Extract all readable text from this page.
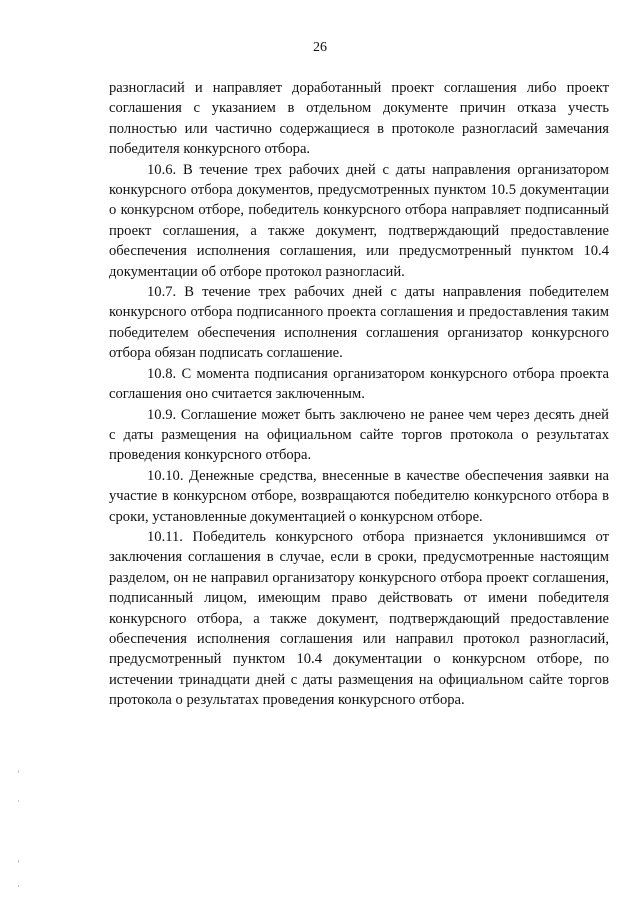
26

разногласий и направляет доработанный проект соглашения либо проект соглашения с указанием в отдельном документе причин отказа учесть полностью или частично содержащиеся в протоколе разногласий замечания победителя конкурсного отбора.

10.6. В течение трех рабочих дней с даты направления организатором конкурсного отбора документов, предусмотренных пунктом 10.5 документации о конкурсном отборе, победитель конкурсного отбора направляет подписанный проект соглашения, а также документ, подтверждающий предоставление обеспечения исполнения соглашения, или предусмотренный пунктом 10.4 документации об отборе протокол разногласий.

10.7. В течение трех рабочих дней с даты направления победителем конкурсного отбора подписанного проекта соглашения и предоставления таким победителем обеспечения исполнения соглашения организатор конкурсного отбора обязан подписать соглашение.

10.8. С момента подписания организатором конкурсного отбора проекта соглашения оно считается заключенным.

10.9. Соглашение может быть заключено не ранее чем через десять дней с даты размещения на официальном сайте торгов протокола о результатах проведения конкурсного отбора.

10.10. Денежные средства, внесенные в качестве обеспечения заявки на участие в конкурсном отборе, возвращаются победителю конкурсного отбора в сроки, установленные документацией о конкурсном отборе.

10.11. Победитель конкурсного отбора признается уклонившимся от заключения соглашения в случае, если в сроки, предусмотренные настоящим разделом, он не направил организатору конкурсного отбора проект соглашения, подписанный лицом, имеющим право действовать от имени победителя конкурсного отбора, а также документ, подтверждающий предоставление обеспечения исполнения соглашения или направил протокол разногласий, предусмотренный пунктом 10.4 документации о конкурсном отборе, по истечении тринадцати дней с даты размещения на официальном сайте торгов протокола о результатах проведения конкурсного отбора.
